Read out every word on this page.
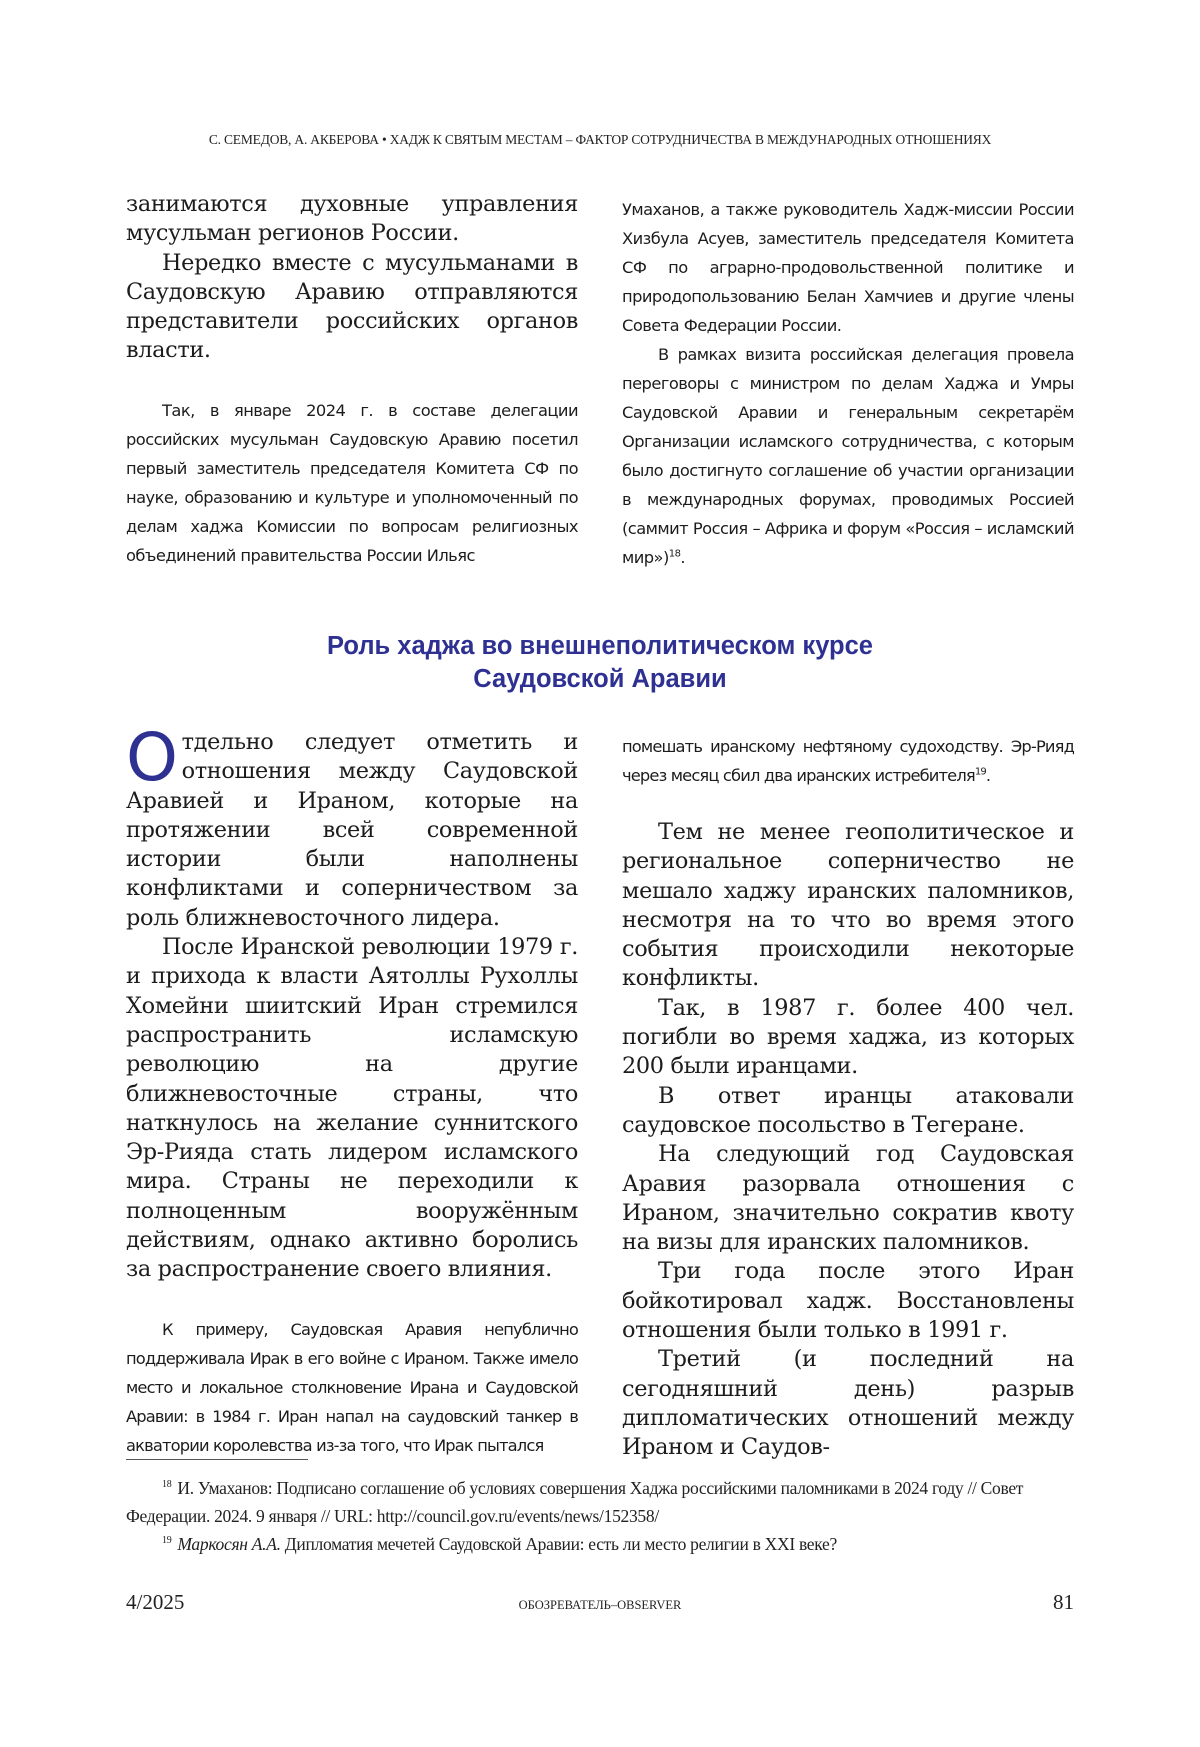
С. СЕМЕДОВ, А. АКБЕРОВА • ХАДЖ К СВЯТЫМ МЕСТАМ – ФАКТОР СОТРУДНИЧЕСТВА В МЕЖДУНАРОДНЫХ ОТНОШЕНИЯХ

занимаются духовные управления мусульман регионов России.

Нередко вместе с мусульманами в Саудовскую Аравию отправляются представители российских органов власти.

Так, в январе 2024 г. в составе делегации российских мусульман Саудовскую Аравию посетил первый заместитель председателя Комитета СФ по науке, образованию и культуре и уполномоченный по делам хаджа Комиссии по вопросам религиозных объединений правительства России Ильяс

Умаханов, а также руководитель Хадж-миссии России Хизбула Асуев, заместитель председателя Комитета СФ по аграрно-продовольственной политике и природопользованию Белан Хамчиев и другие члены Совета Федерации России.

В рамках визита российская делегация провела переговоры с министром по делам Хаджа и Умры Саудовской Аравии и генеральным секретарём Организации исламского сотрудничества, с которым было достигнуто соглашение об участии организации в международных форумах, проводимых Россией (саммит Россия – Африка и форум «Россия – исламский мир»)$^{18}$.

Роль хаджа во внешнеполитическом курсе
Саудовской Аравии

Отдельно следует отметить и отношения между Саудовской Аравией и Ираном, которые на протяжении всей современной истории были наполнены конфликтами и соперничеством за роль ближневосточного лидера.

После Иранской революции 1979 г. и прихода к власти Аятоллы Рухоллы Хомейни шиитский Иран стремился распространить исламскую революцию на другие ближневосточные страны, что наткнулось на желание суннитского Эр-Рияда стать лидером исламского мира. Страны не переходили к полноценным вооружённым действиям, однако активно боролись за распространение своего влияния.

К примеру, Саудовская Аравия непублично поддерживала Ирак в его войне с Ираном. Также имело место и локальное столкновение Ирана и Саудовской Аравии: в 1984 г. Иран напал на саудовский танкер в акватории королевства из-за того, что Ирак пытался

помешать иранскому нефтяному судоходству. Эр-Рияд через месяц сбил два иранских истребителя$^{19}$.

Тем не менее геополитическое и региональное соперничество не мешало хаджу иранских паломников, несмотря на то что во время этого события происходили некоторые конфликты.

Так, в 1987 г. более 400 чел. погибли во время хаджа, из которых 200 были иранцами.

В ответ иранцы атаковали саудовское посольство в Тегеране.

На следующий год Саудовская Аравия разорвала отношения с Ираном, значительно сократив квоту на визы для иранских паломников.

Три года после этого Иран бойкотировал хадж. Восстановлены отношения были только в 1991 г.

Третий (и последний на сегодняшний день) разрыв дипломатических отношений между Ираном и Саудов-

$^{18}$ И. Умаханов: Подписано соглашение об условиях совершения Хаджа российскими паломниками в 2024 году // Совет Федерации. 2024. 9 января // URL: http://council.gov.ru/events/news/152358/

$^{19}$ Маркосян А.А. Дипломатия мечетей Саудовской Аравии: есть ли место религии в XXI веке?

4/2025	ОБОЗРЕВАТЕЛЬ–OBSERVER	81
